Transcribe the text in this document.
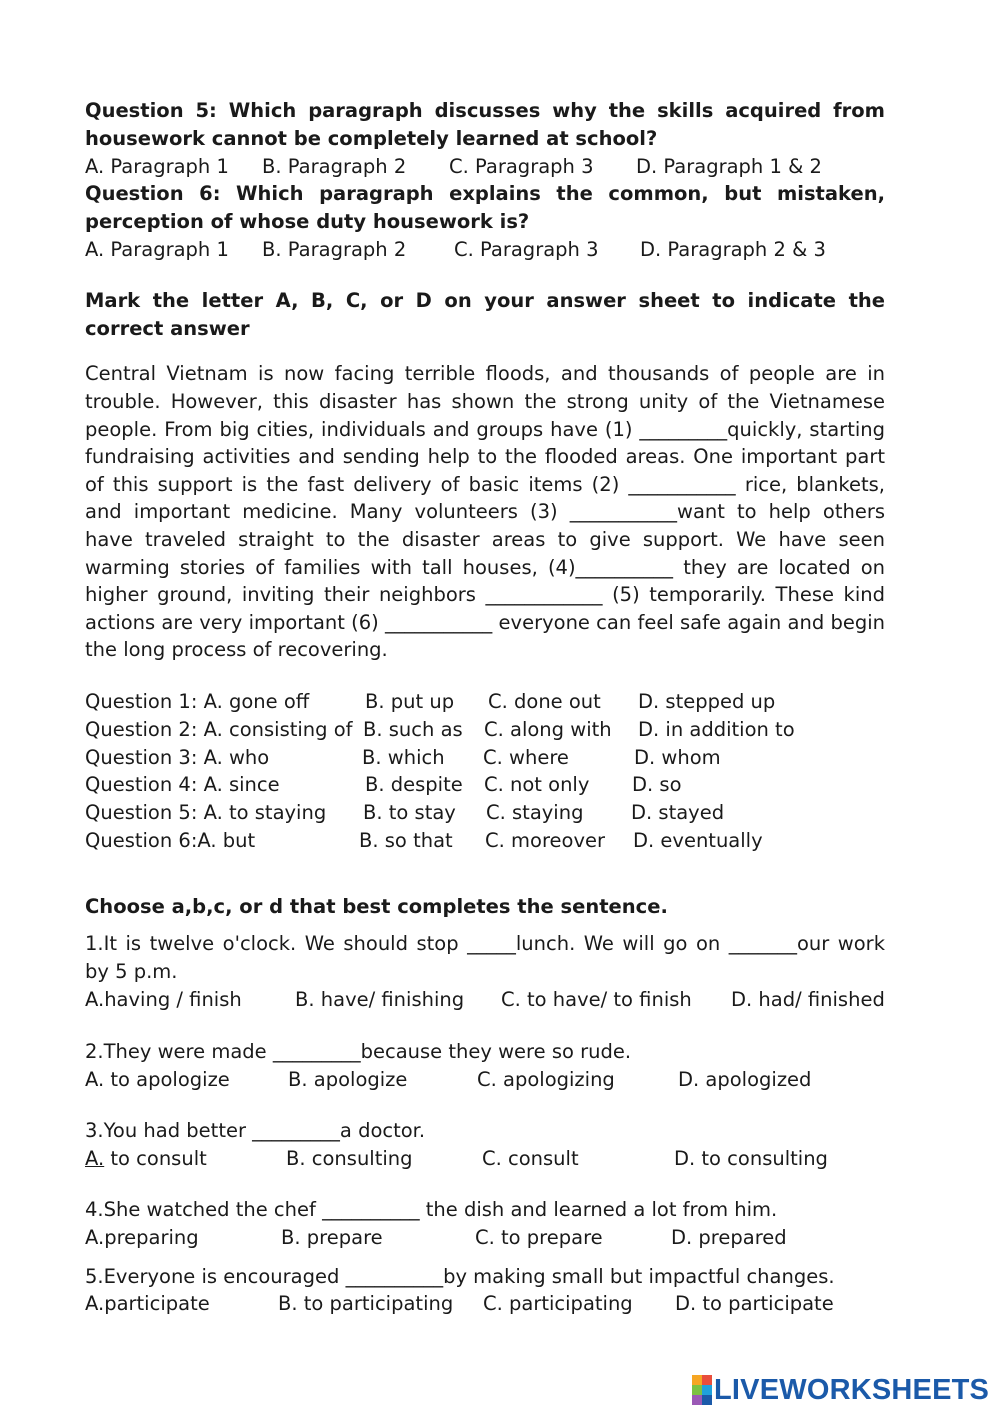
Question 5: Which paragraph discusses why the skills acquired from housework cannot be completely learned at school?

A. Paragraph 1 B. Paragraph 2 C. Paragraph 3 D. Paragraph 1 & 2

Question 6: Which paragraph explains the common, but mistaken, perception of whose duty housework is?

A. Paragraph 1 B. Paragraph 2 C. Paragraph 3 D. Paragraph 2 & 3

Mark the letter A, B, C, or D on your answer sheet to indicate the correct answer

Central Vietnam is now facing terrible floods, and thousands of people are in trouble. However, this disaster has shown the strong unity of the Vietnamese people. From big cities, individuals and groups have (1) _________quickly, starting fundraising activities and sending help to the flooded areas. One important part of this support is the fast delivery of basic items (2) ___________ rice, blankets, and important medicine. Many volunteers (3) ___________want to help others have traveled straight to the disaster areas to give support. We have seen warming stories of families with tall houses, (4)__________ they are located on higher ground, inviting their neighbors ____________ (5) temporarily. These kind actions are very important (6) ___________ everyone can feel safe again and begin the long process of recovering.

Question 1: A. gone off	B. put up C. done out D. stepped up
Question 2: A. consisting of B. such as C. along with D. in addition to
Question 3: A. who	B. which C. where	D. whom
Question 4: A. since	B. despite C. not only D. so
Question 5: A. to staying B. to stay C. staying D. stayed
Question 6:A. but	B. so that C. moreover D. eventually

Choose a,b,c, or d that best completes the sentence.

1.It is twelve o'clock. We should stop _____lunch. We will go on _______our work by 5 p.m.

A.having / finish	B. have/ finishing C. to have/ to finish D. had/ finished

2.They were made _________because they were so rude.

A. to apologize	B. apologize	C. apologizing	D. apologized

3.You had better _________a doctor.

A. to consult	B. consulting	C. consult	D. to consulting

4.She watched the chef __________ the dish and learned a lot from him.

A.preparing	B. prepare	C. to prepare	D. prepared

5.Everyone is encouraged __________by making small but impactful changes.

A.participate	B. to participating C. participating D. to participate
LIVEWORKSHEETS
